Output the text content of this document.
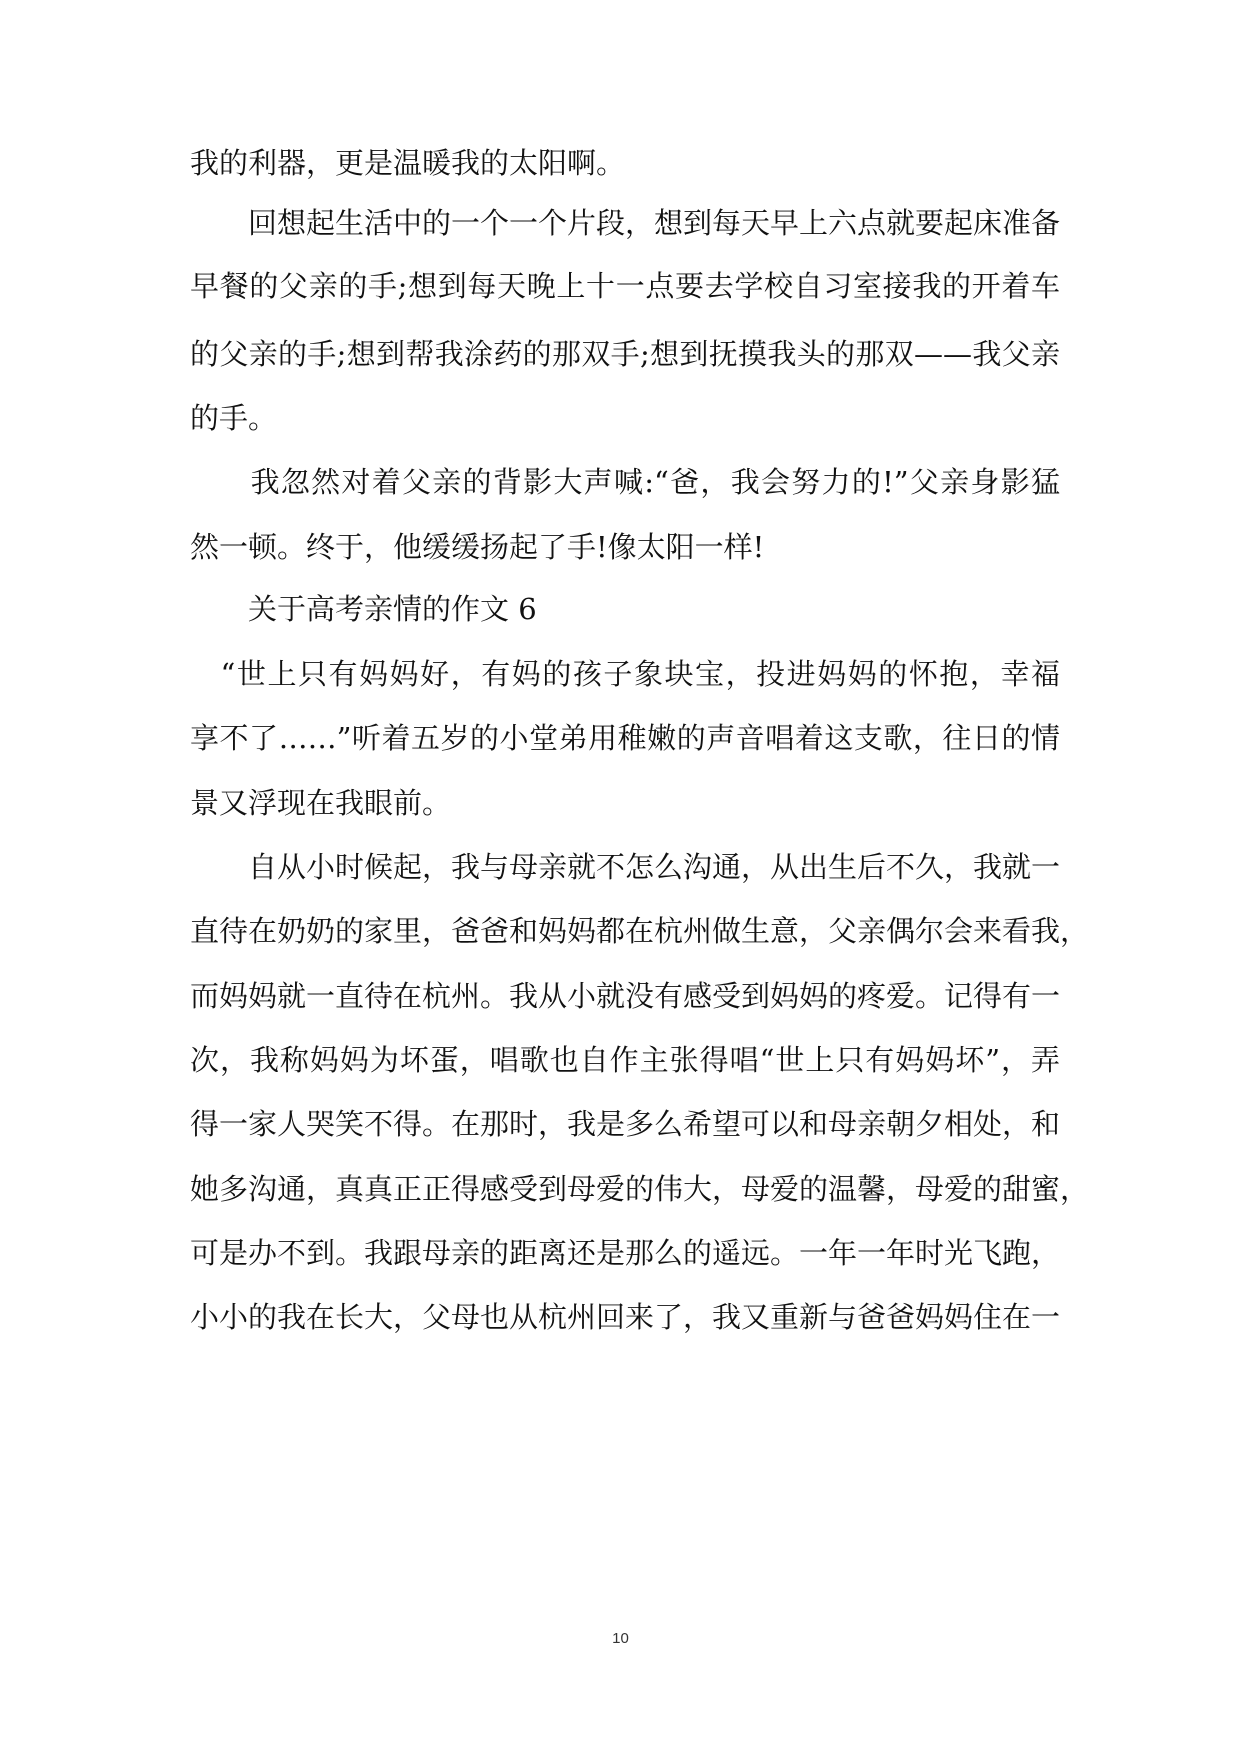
我的利器，更是温暖我的太阳啊。

　　回想起生活中的一个一个片段，想到每天早上六点就要起床准备

早餐的父亲的手;想到每天晚上十一点要去学校自习室接我的开着车

的父亲的手;想到帮我涂药的那双手;想到抚摸我头的那双——我父亲

的手。

　　我忽然对着父亲的背影大声喊:“爸，我会努力的!”父亲身影猛

然一顿。终于，他缓缓扬起了手!像太阳一样!

　　关于高考亲情的作文 6

　“世上只有妈妈好，有妈的孩子象块宝，投进妈妈的怀抱，幸福

享不了……”听着五岁的小堂弟用稚嫩的声音唱着这支歌，往日的情

景又浮现在我眼前。

　　自从小时候起，我与母亲就不怎么沟通，从出生后不久，我就一

直待在奶奶的家里，爸爸和妈妈都在杭州做生意，父亲偶尔会来看我，

而妈妈就一直待在杭州。我从小就没有感受到妈妈的疼爱。记得有一

次，我称妈妈为坏蛋，唱歌也自作主张得唱“世上只有妈妈坏”，弄

得一家人哭笑不得。在那时，我是多么希望可以和母亲朝夕相处，和

她多沟通，真真正正得感受到母爱的伟大，母爱的温馨，母爱的甜蜜，

可是办不到。我跟母亲的距离还是那么的遥远。一年一年时光飞跑，

小小的我在长大，父母也从杭州回来了，我又重新与爸爸妈妈住在一

10
